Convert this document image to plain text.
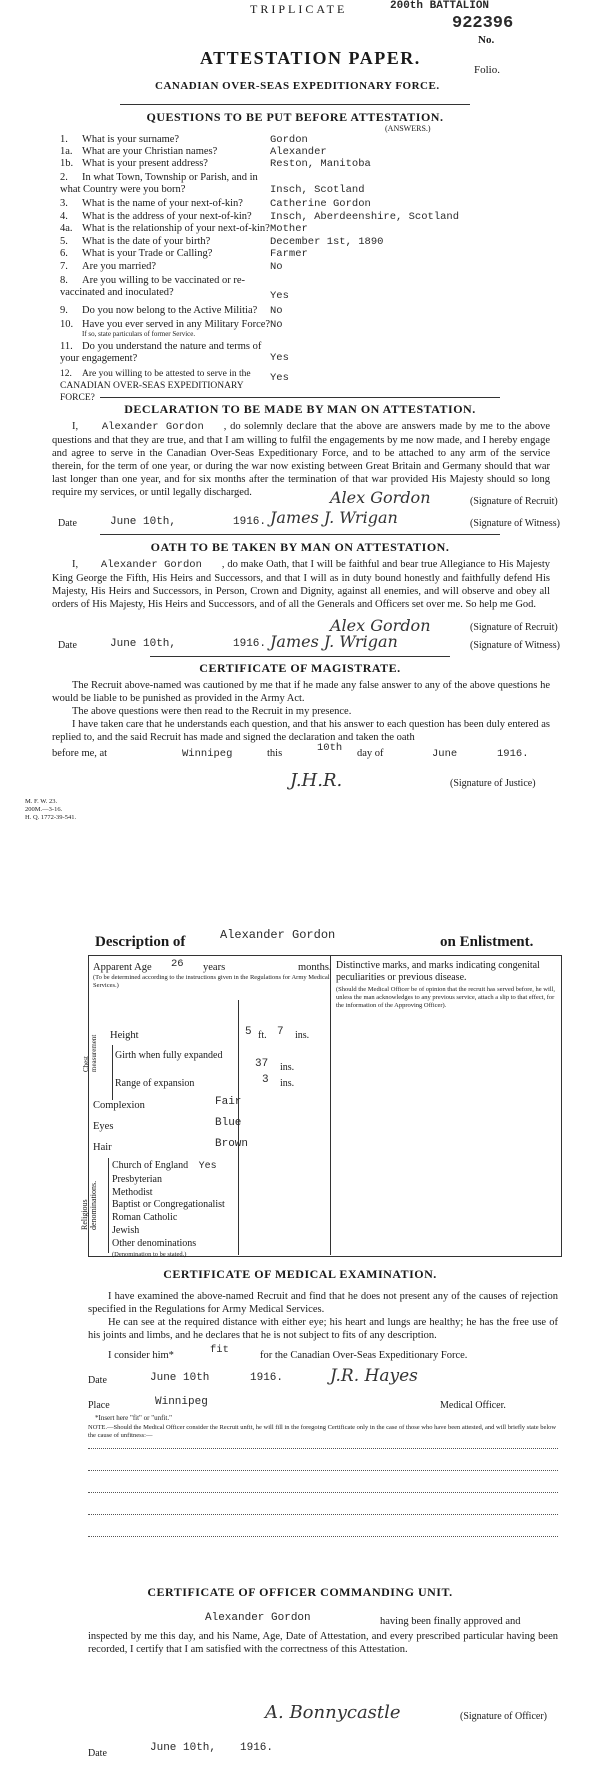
TRIPLICATE	200th BATTALION
922396
No.
Folio.
ATTESTATION PAPER.
CANADIAN OVER-SEAS EXPEDITIONARY FORCE.
QUESTIONS TO BE PUT BEFORE ATTESTATION.
(ANSWERS.)
1. What is your surname?	Gordon
1a. What are your Christian names?	Alexander
1b. What is your present address?	Reston, Manitoba
2. In what Town, Township or Parish, and in what Country were you born?	Insch, Scotland
3. What is the name of your next-of-kin?	Catherine Gordon
4. What is the address of your next-of-kin? Insch, Aberdeenshire, Scotland
4a. What is the relationship of your next-of-kin? Mother
5. What is the date of your birth?	December 1st, 1890
6. What is your Trade or Calling?	Farmer
7. Are you married?	No
8. Are you willing to be vaccinated or re-vaccinated and inoculated?	Yes
9. Do you now belong to the Active Militia? No
10. Have you ever served in any Military Force? No
If so, state particulars of former Service.
11. Do you understand the nature and terms of your engagement?	Yes
12. Are you willing to be attested to serve in the CANADIAN OVER-SEAS EXPEDITIONARY FORCE?
Yes
DECLARATION TO BE MADE BY MAN ON ATTESTATION.
I, Alexander Gordon , do solemnly declare that the above are answers made by me to the above questions and that they are true, and that I am willing to fulfil the engagements by me now made, and I hereby engage and agree to serve in the Canadian Over-Seas Expeditionary Force, and to be attached to any arm of the service therein, for the term of one year, or during the war now existing between Great Britain and Germany should that war last longer than one year, and for six months after the termination of that war provided His Majesty should so long require my services, or until legally discharged.	Alex Gordon	(Signature of Recruit)
Date	June 10th,	1916. James J. Wrigan	(Signature of Witness)
OATH TO BE TAKEN BY MAN ON ATTESTATION.
I, Alexander Gordon , do make Oath, that I will be faithful and bear true Allegiance to His Majesty King George the Fifth, His Heirs and Successors, and that I will as in duty bound honestly and faithfully defend His Majesty, His Heirs and Successors, in Person, Crown and Dignity, against all enemies, and will observe and obey all orders of His Majesty, His Heirs and Successors, and of all the Generals and Officers set over me. So help me God.
Alex Gordon	(Signature of Recruit)
Date	June 10th,	1916. James J. Wrigan	(Signature of Witness)
CERTIFICATE OF MAGISTRATE.
The Recruit above-named was cautioned by me that if he made any false answer to any of the above questions he would be liable to be punished as provided in the Army Act.
The above questions were then read to the Recruit in my presence.
I have taken care that he understands each question, and that his answer to each question has been duly entered as replied to, and the said Recruit has made and signed the declaration and taken the oath
before me, at	Winnipeg	this	10th day of	June	1916.
J.H.R.	(Signature of Justice)
M. F. W. 23.
200M.—3-16.
H. Q. 1772-39-541.
Description of	Alexander Gordon	on Enlistment.
Apparent Age 26 years	months.
(To be determined according to the instructions given in the Regulations for Army Medical Services.)
Height	5 ft. 7 ins.
Chest measurement Girth when fully expanded
37 ins.
Range of expansion	3 ins.
Complexion	Fair
Eyes	Blue
Hair	Brown
Religious denominations.
Church of England Yes
Presbyterian
Methodist
Baptist or Congregationalist
Roman Catholic
Jewish
Other denominations
(Denomination to be stated.)
Distinctive marks, and marks indicating congenital peculiarities or previous disease.
(Should the Medical Officer be of opinion that the recruit has served before, he will, unless the man acknowledges to any previous service, attach a slip to that effect, for the information of the Approving Officer).
CERTIFICATE OF MEDICAL EXAMINATION.
I have examined the above-named Recruit and find that he does not present any of the causes of rejection specified in the Regulations for Army Medical Services.
He can see at the required distance with either eye; his heart and lungs are healthy; he has the free use of his joints and limbs, and he declares that he is not subject to fits of any description.
I consider him*	fit	for the Canadian Over-Seas Expeditionary Force.
Date	June 10th	1916.	J.R. Hayes
Place	Winnipeg	Medical Officer.
*Insert here "fit" or "unfit."
NOTE.—Should the Medical Officer consider the Recruit unfit, he will fill in the foregoing Certificate only in the case of those who have been attested, and will briefly state below the cause of unfitness:—
CERTIFICATE OF OFFICER COMMANDING UNIT.
Alexander Gordon	having been finally approved and
inspected by me this day, and his Name, Age, Date of Attestation, and every prescribed particular having been recorded, I certify that I am satisfied with the correctness of this Attestation.
A. Bonnycastle	(Signature of Officer)
Date	June 10th, 1916.
